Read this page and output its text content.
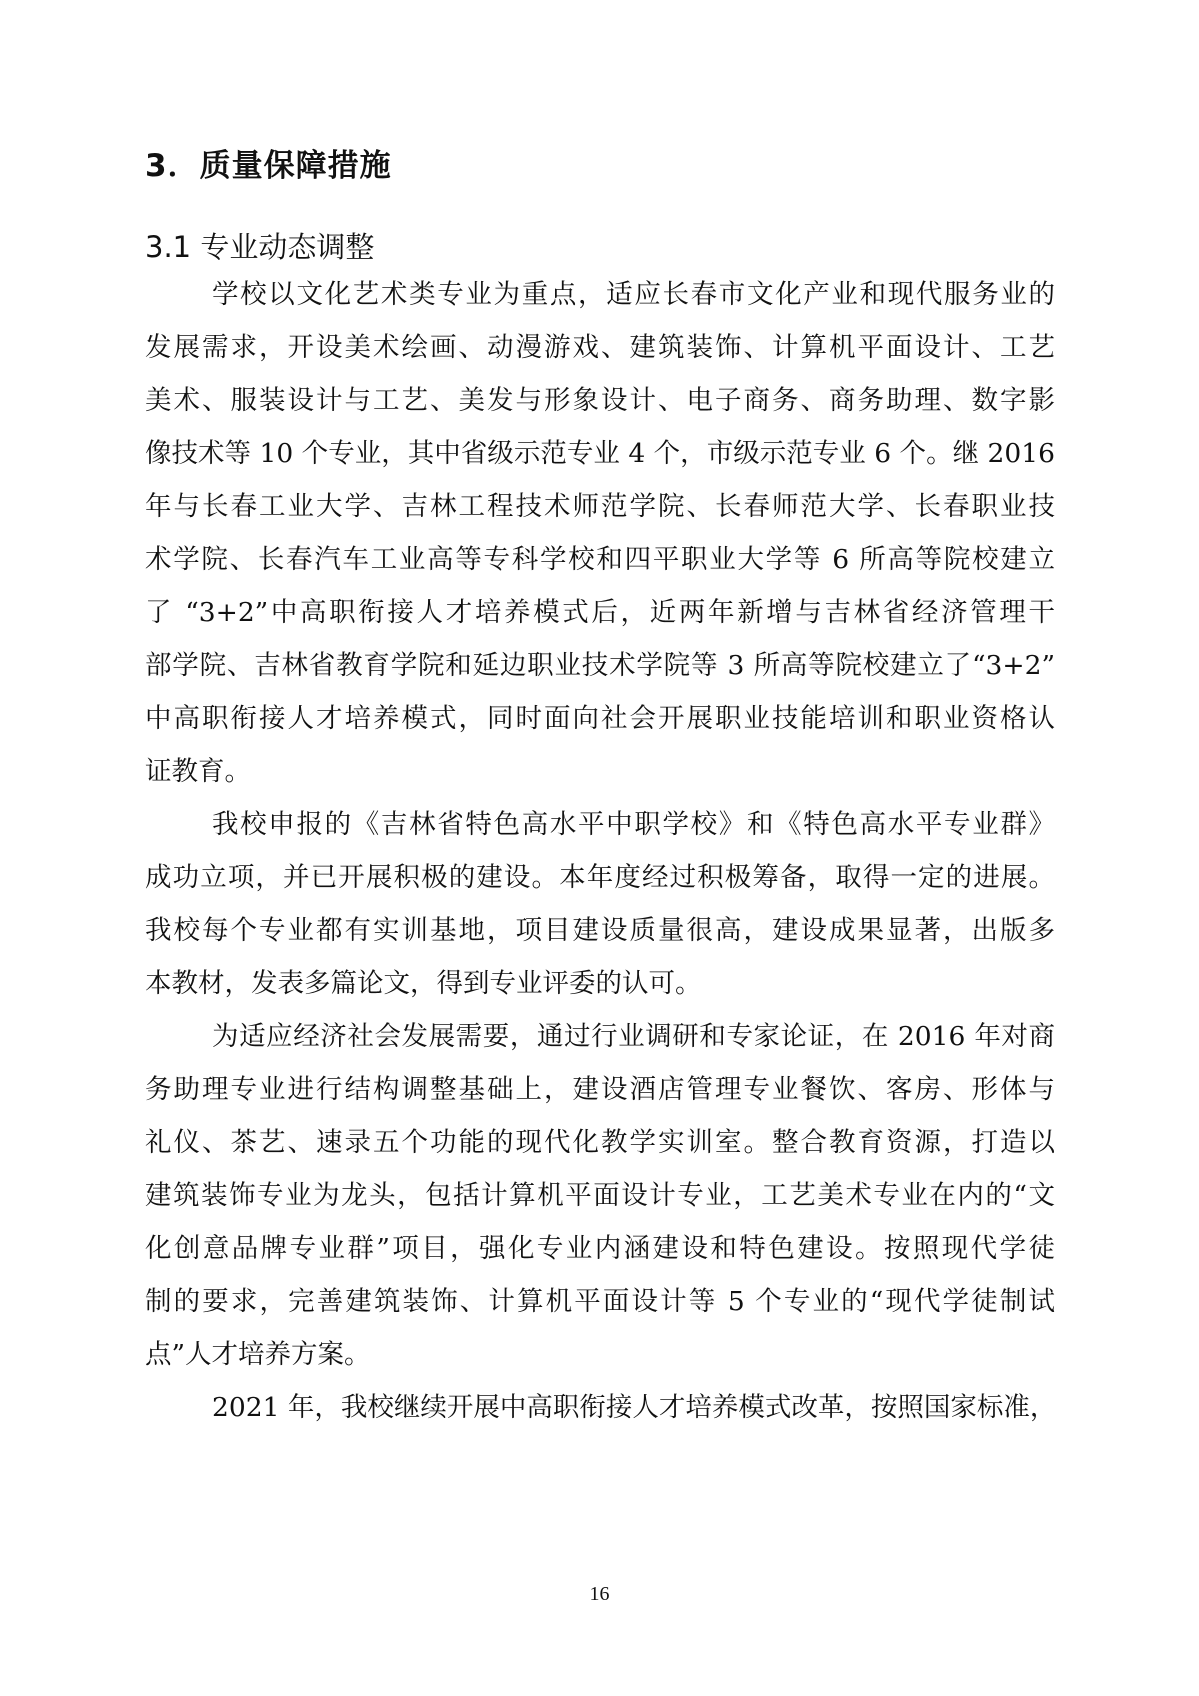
3．质量保障措施
3.1 专业动态调整
学校以文化艺术类专业为重点，适应长春市文化产业和现代服务业的
发展需求，开设美术绘画、动漫游戏、建筑装饰、计算机平面设计、工艺
美术、服装设计与工艺、美发与形象设计、电子商务、商务助理、数字影
像技术等 10 个专业，其中省级示范专业 4 个，市级示范专业 6 个。继 2016
年与长春工业大学、吉林工程技术师范学院、长春师范大学、长春职业技
术学院、长春汽车工业高等专科学校和四平职业大学等 6 所高等院校建立
了 “3+2”中高职衔接人才培养模式后，近两年新增与吉林省经济管理干
部学院、吉林省教育学院和延边职业技术学院等 3 所高等院校建立了“3+2”
中高职衔接人才培养模式，同时面向社会开展职业技能培训和职业资格认
证教育。
我校申报的《吉林省特色高水平中职学校》和《特色高水平专业群》
成功立项，并已开展积极的建设。本年度经过积极筹备，取得一定的进展。
我校每个专业都有实训基地，项目建设质量很高，建设成果显著，出版多
本教材，发表多篇论文，得到专业评委的认可。
为适应经济社会发展需要，通过行业调研和专家论证，在 2016 年对商
务助理专业进行结构调整基础上，建设酒店管理专业餐饮、客房、形体与
礼仪、茶艺、速录五个功能的现代化教学实训室。整合教育资源，打造以
建筑装饰专业为龙头，包括计算机平面设计专业，工艺美术专业在内的“文
化创意品牌专业群”项目，强化专业内涵建设和特色建设。按照现代学徒
制的要求，完善建筑装饰、计算机平面设计等 5 个专业的“现代学徒制试
点”人才培养方案。
2021 年，我校继续开展中高职衔接人才培养模式改革，按照国家标准，
16
